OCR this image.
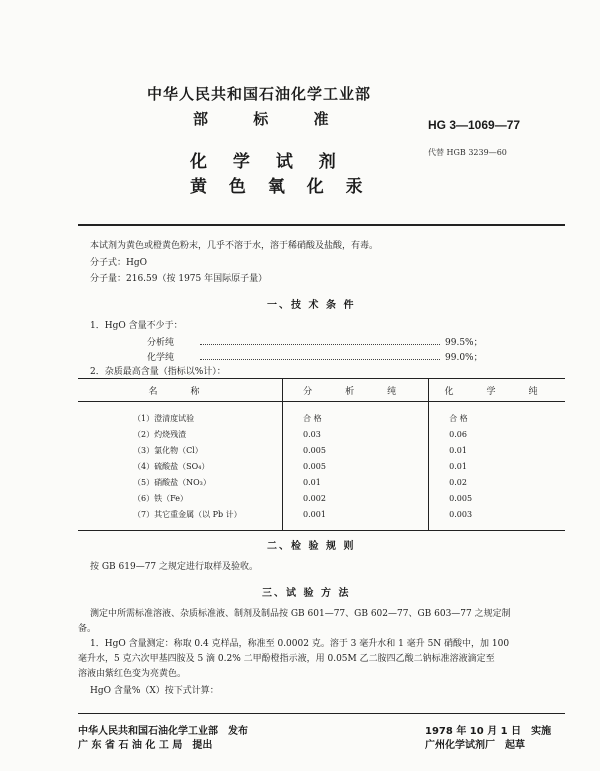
中华人民共和国石油化学工业部
部 标 准	HG 3—1069—77
化 学 试 剂
黄 色 氧 化 汞
代替 HGB 3239—60
本试剂为黄色或橙黄色粉末，几乎不溶于水，溶于稀硝酸及盐酸，有毒。
分子式：HgO
分子量：216.59（按 1975 年国际原子量）
一、技 术 条 件
1．HgO 含量不少于：
分析纯	99.5%；
化学纯	99.0%；
2．杂质最高含量（指标以%计）：
名　称	分　析　纯	化　学　纯

（1）澄清度试验	合 格	合 格
（2）灼烧残渣	0.03	0.06
（3）氯化物（Cl）	0.005	0.01
（4）硫酸盐（SO₄）	0.005	0.01
（5）硝酸盐（NO₃）	0.01	0.02
（6）铁（Fe）	0.002	0.005
（7）其它重金属（以 Pb 计）	0.001	0.003

二、检 验 规 则
按 GB 619—77 之规定进行取样及验收。
三、试 验 方 法
测定中所需标准溶液、杂质标准液、制剂及制品按 GB 601—77、GB 602—77、GB 603—77 之规定制
备。
1．HgO 含量测定：称取 0.4 克样品，称准至 0.0002 克。溶于 3 毫升水和 1 毫升 5N 硝酸中，加 100
毫升水，5 克六次甲基四胺及 5 滴 0.2% 二甲酚橙指示液，用 0.05M 乙二胺四乙酸二钠标准溶液滴定至
溶液由紫红色变为亮黄色。
HgO 含量%（X）按下式计算：
中华人民共和国石油化学工业部　发布	1978 年 10 月 1 日　实施
广 东 省 石 油 化 工 局　提出	广州化学试剂厂　起草
